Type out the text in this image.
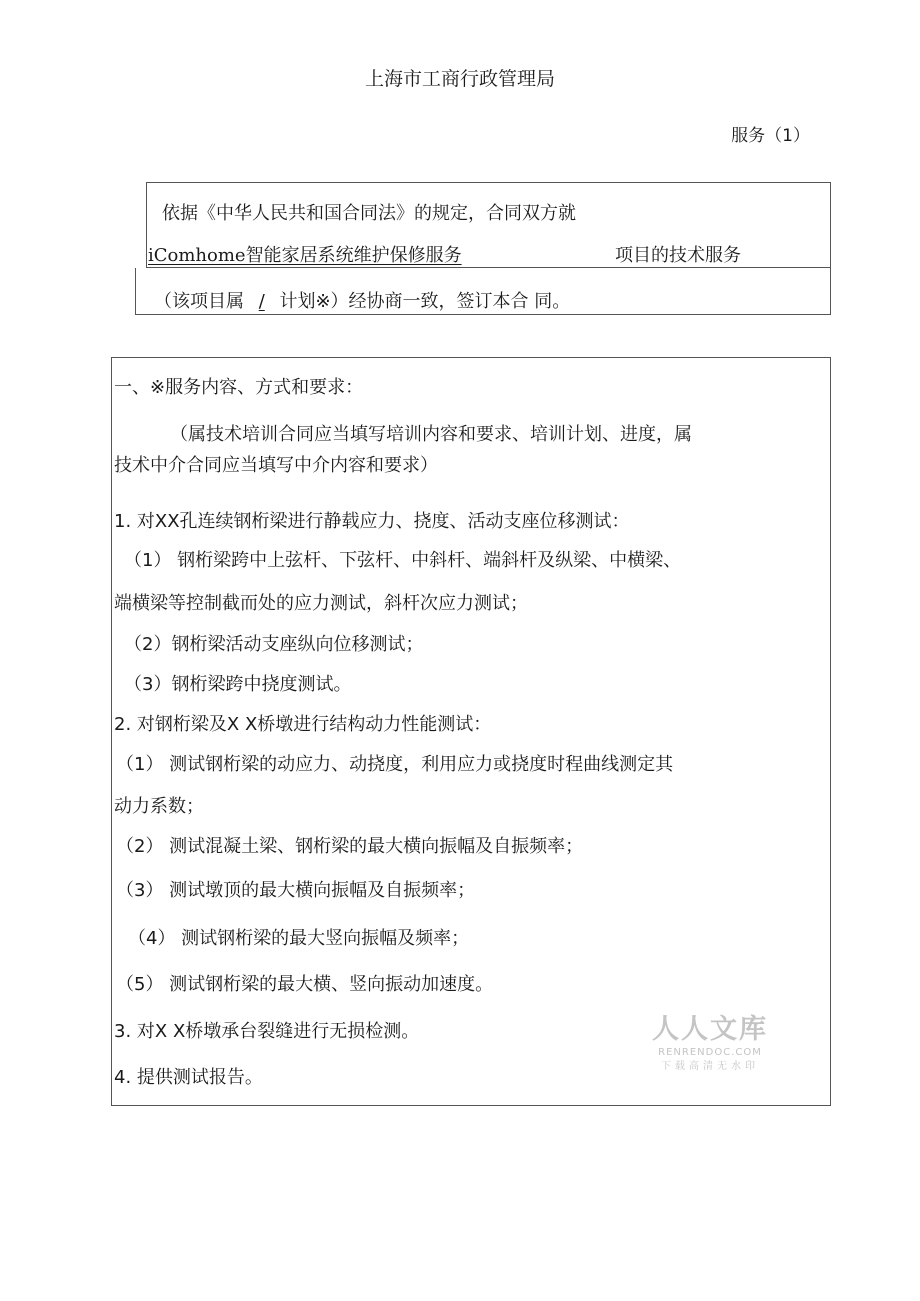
上海市工商行政管理局
服务（1）
依据《中华人民共和国合同法》的规定，合同双方就
iComhome智能家居系统维护保修服务	项目的技术服务
（该项目属 / 计划※）经协商一致，签订本合 同。
一、※服务内容、方式和要求：
（属技术培训合同应当填写培训内容和要求、培训计划、进度，属
技术中介合同应当填写中介内容和要求）
1. 对XX孔连续钢桁梁进行静载应力、挠度、活动支座位移测试：
（1） 钢桁梁跨中上弦杆、下弦杆、中斜杆、端斜杆及纵梁、中横梁、
端横梁等控制截而处的应力测试，斜杆次应力测试；
（2）钢桁梁活动支座纵向位移测试；
（3）钢桁梁跨中挠度测试。
2. 对钢桁梁及X X桥墩进行结构动力性能测试：
（1） 测试钢桁梁的动应力、动挠度，利用应力或挠度时程曲线测定其
动力系数；
（2） 测试混凝土梁、钢桁梁的最大横向振幅及自振频率；
（3） 测试墩顶的最大横向振幅及自振频率；
（4） 测试钢桁梁的最大竖向振幅及频率；
（5） 测试钢桁梁的最大横、竖向振动加速度。
3. 对X X桥墩承台裂缝进行无损检测。
4. 提供测试报告。
人人文库
RENRENDOC.COM
下载高清无水印
